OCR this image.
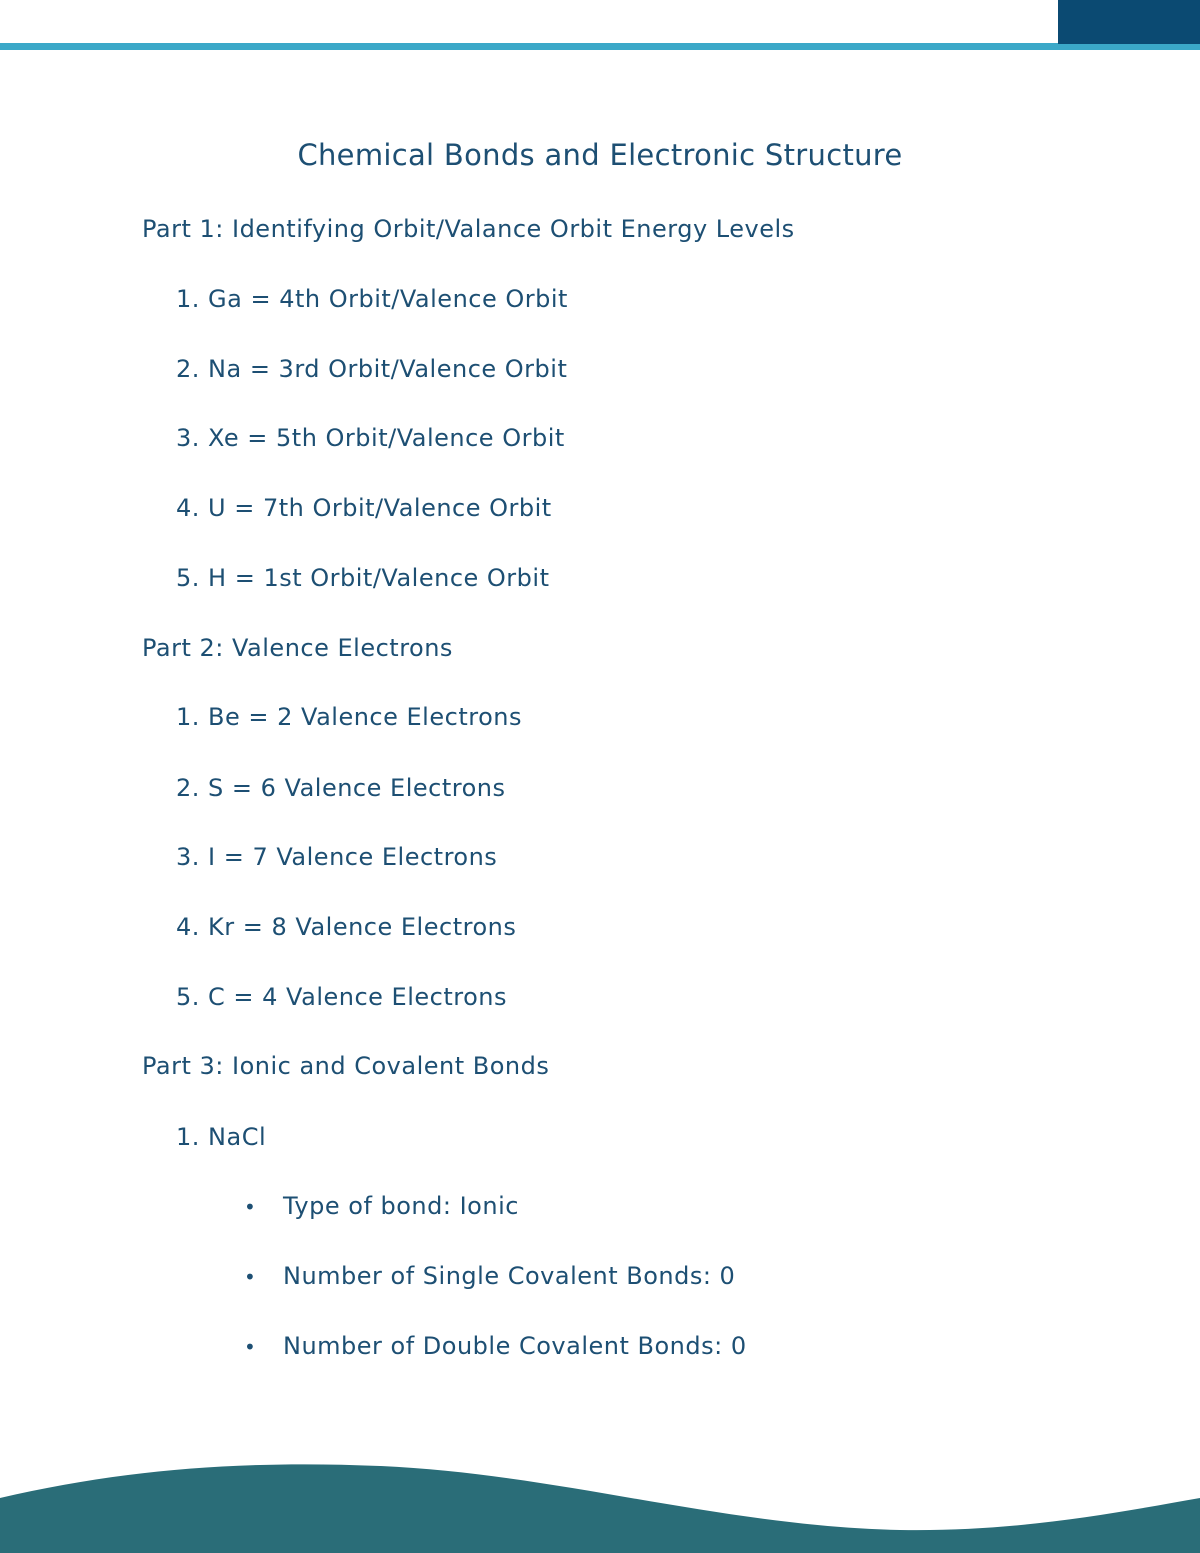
Chemical Bonds and Electronic Structure
Part 1: Identifying Orbit/Valance Orbit Energy Levels
1. Ga = 4th Orbit/Valence Orbit
2. Na = 3rd Orbit/Valence Orbit
3. Xe = 5th Orbit/Valence Orbit
4. U = 7th Orbit/Valence Orbit
5. H = 1st Orbit/Valence Orbit
Part 2: Valence Electrons
1. Be = 2 Valence Electrons
2. S = 6 Valence Electrons
3. I = 7 Valence Electrons
4. Kr = 8 Valence Electrons
5. C = 4 Valence Electrons
Part 3: Ionic and Covalent Bonds
1. NaCl
• Type of bond: Ionic
• Number of Single Covalent Bonds: 0
• Number of Double Covalent Bonds: 0
